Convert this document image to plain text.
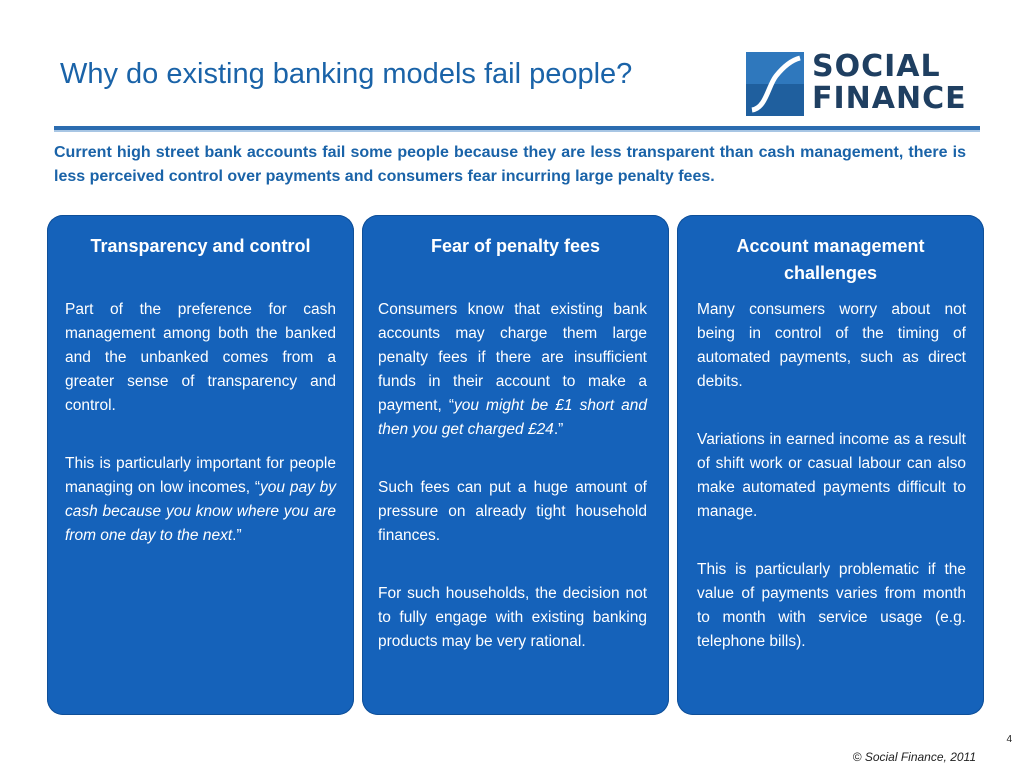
Why do existing banking models fail people?	SOCIAL
FINANCE
Current high street bank accounts fail some people because they are less transparent than cash management, there is less perceived control over payments and consumers fear incurring large penalty fees.
Transparency and control

Part of the preference for cash management among both the banked and the unbanked comes from a greater sense of transparency and control.

This is particularly important for people managing on low incomes, “you pay by cash because you know where you are from one day to the next.”

Fear of penalty fees

Consumers know that existing bank accounts may charge them large penalty fees if there are insufficient funds in their account to make a payment, “you might be £1 short and then you get charged £24.”

Such fees can put a huge amount of pressure on already tight household finances.

For such households, the decision not to fully engage with existing banking products may be very rational.

Account management challenges

Many consumers worry about not being in control of the timing of automated payments, such as direct debits.

Variations in earned income as a result of shift work or casual labour can also make automated payments difficult to manage.

This is particularly problematic if the value of payments varies from month to month with service usage (e.g. telephone bills).

4
© Social Finance, 2011
